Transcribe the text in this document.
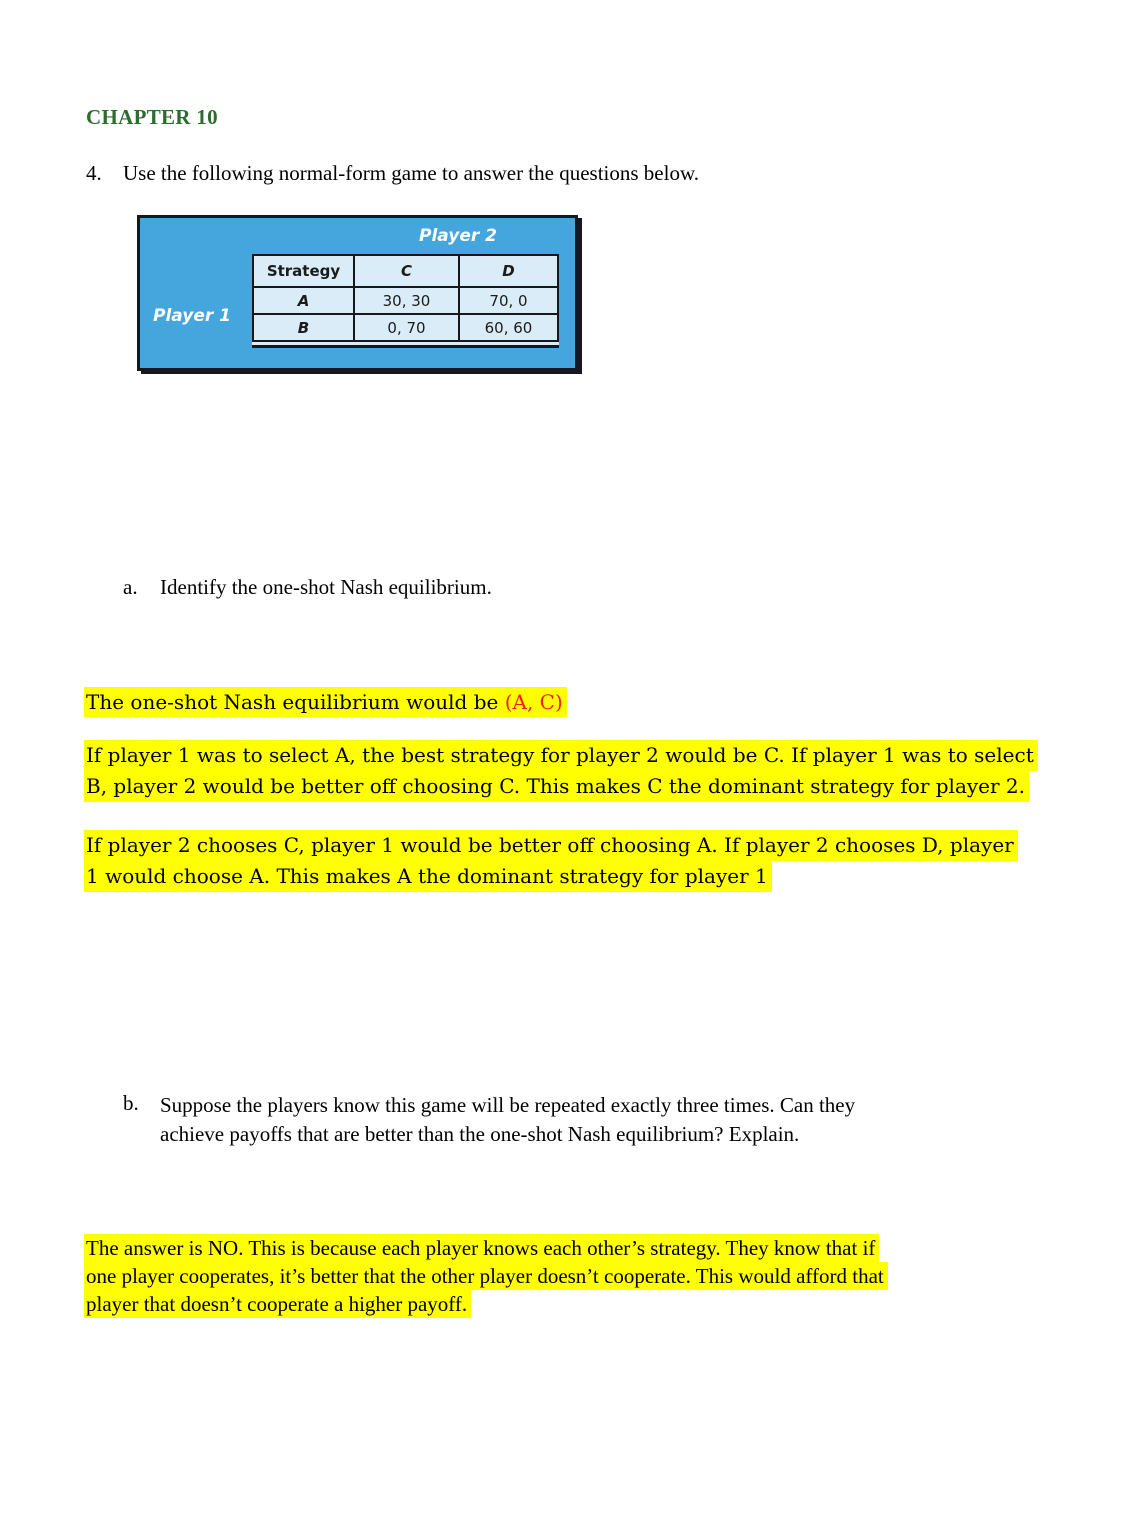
CHAPTER 10
4.	Use the following normal-form game to answer the questions below.
Player 2
Player 1
Strategy	C	D
A	30, 30	70, 0
B	0, 70	60, 60
a.	Identify the one-shot Nash equilibrium.
The one-shot Nash equilibrium would be (A, C)
If player 1 was to select A, the best strategy for player 2 would be C. If player 1 was to select
B, player 2 would be better off choosing C. This makes C the dominant strategy for player 2.
If player 2 chooses C, player 1 would be better off choosing A. If player 2 chooses D, player
1 would choose A. This makes A the dominant strategy for player 1
b.	Suppose the players know this game will be repeated exactly three times. Can they
achieve payoffs that are better than the one-shot Nash equilibrium? Explain.
The answer is NO. This is because each player knows each other’s strategy. They know that if
one player cooperates, it’s better that the other player doesn’t cooperate. This would afford that
player that doesn’t cooperate a higher payoff.
